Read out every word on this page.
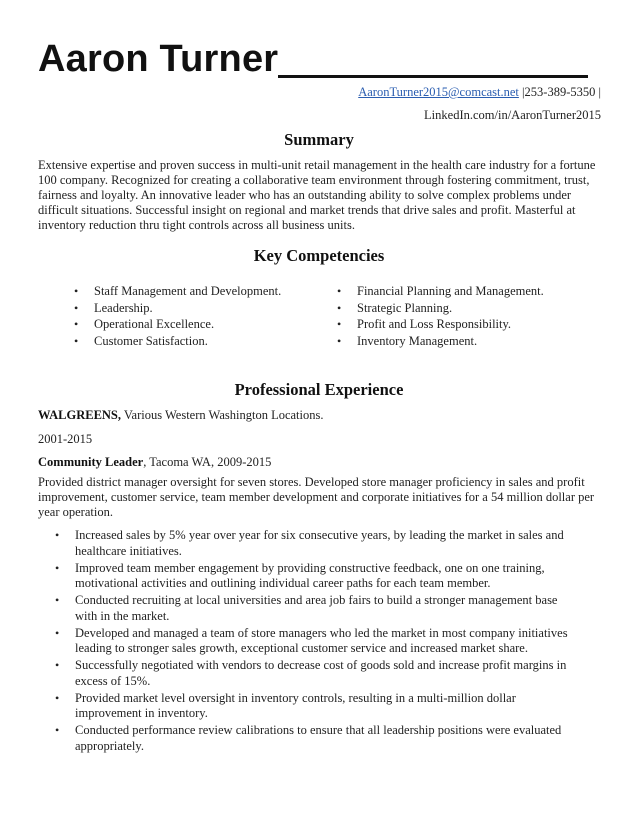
Aaron Turner
AaronTurner2015@comcast.net |253-389-5350 |
LinkedIn.com/in/AaronTurner2015
Summary
Extensive expertise and proven success in multi-unit retail management in the health care industry for a fortune 100 company. Recognized for creating a collaborative team environment through fostering commitment, trust, fairness and loyalty. An innovative leader who has an outstanding ability to solve complex problems under difficult situations. Successful insight on regional and market trends that drive sales and profit. Masterful at inventory reduction thru tight controls across all business units.
Key Competencies
• Staff Management and Development.
• Leadership.
• Operational Excellence.
• Customer Satisfaction.
• Financial Planning and Management.
• Strategic Planning.
• Profit and Loss Responsibility.
• Inventory Management.
Professional Experience
WALGREENS, Various Western Washington Locations.
2001-2015
Community Leader, Tacoma WA, 2009-2015
Provided district manager oversight for seven stores. Developed store manager proficiency in sales and profit improvement, customer service, team member development and corporate initiatives for a 54 million dollar per year operation.
• Increased sales by 5% year over year for six consecutive years, by leading the market in sales and healthcare initiatives.
• Improved team member engagement by providing constructive feedback, one on one training, motivational activities and outlining individual career paths for each team member.
• Conducted recruiting at local universities and area job fairs to build a stronger management base with in the market.
• Developed and managed a team of store managers who led the market in most company initiatives leading to stronger sales growth, exceptional customer service and increased market share.
• Successfully negotiated with vendors to decrease cost of goods sold and increase profit margins in excess of 15%.
• Provided market level oversight in inventory controls, resulting in a multi-million dollar improvement in inventory.
• Conducted performance review calibrations to ensure that all leadership positions were evaluated appropriately.
